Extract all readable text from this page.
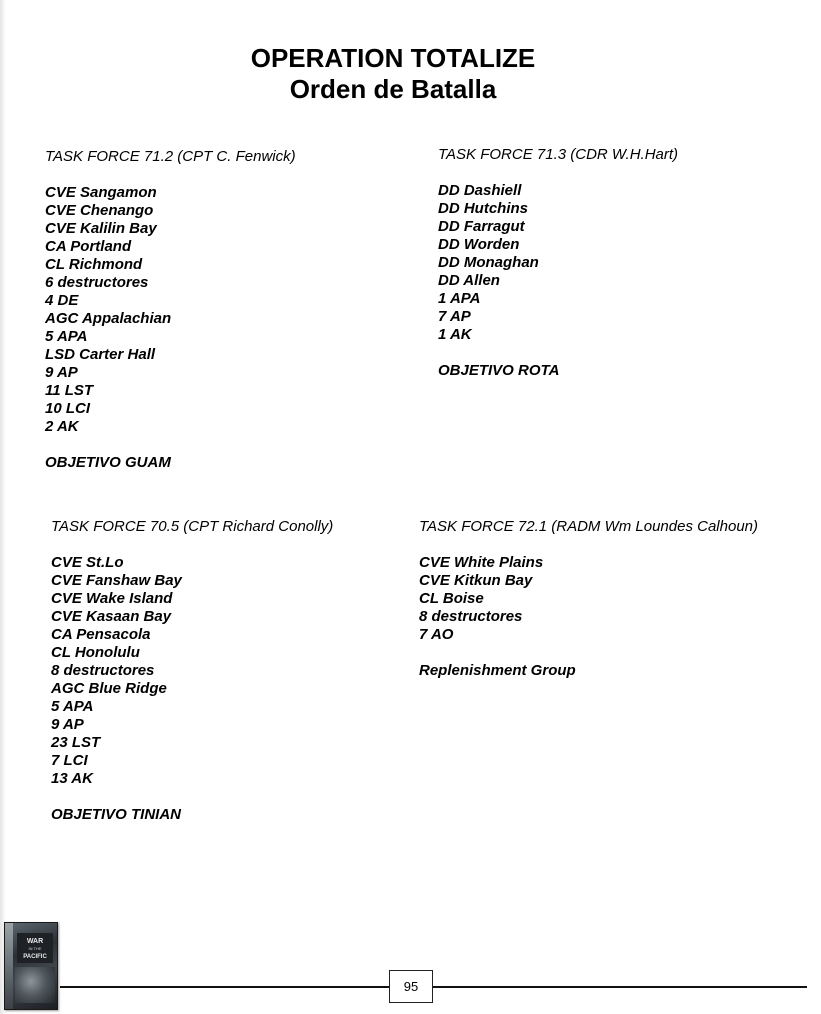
OPERATION TOTALIZE
Orden de Batalla
TASK FORCE 71.2 (CPT C. Fenwick)
CVE Sangamon
CVE Chenango
CVE Kalilin Bay
CA Portland
CL Richmond
6 destructores
4 DE
AGC Appalachian
5 APA
LSD Carter Hall
9 AP
11 LST
10 LCI
2 AK
OBJETIVO GUAM
TASK FORCE 71.3 (CDR W.H.Hart)
DD Dashiell
DD Hutchins
DD Farragut
DD Worden
DD Monaghan
DD Allen
1 APA
7 AP
1 AK
OBJETIVO ROTA
TASK FORCE 70.5 (CPT Richard Conolly)
CVE St.Lo
CVE Fanshaw Bay
CVE Wake Island
CVE Kasaan Bay
CA Pensacola
CL Honolulu
8 destructores
AGC Blue Ridge
5 APA
9 AP
23 LST
7 LCI
13 AK
OBJETIVO TINIAN
TASK FORCE 72.1 (RADM Wm Loundes Calhoun)
CVE White Plains
CVE Kitkun Bay
CL Boise
8 destructores
7 AO
Replenishment Group
WAR
IN THE
PACIFIC
95
